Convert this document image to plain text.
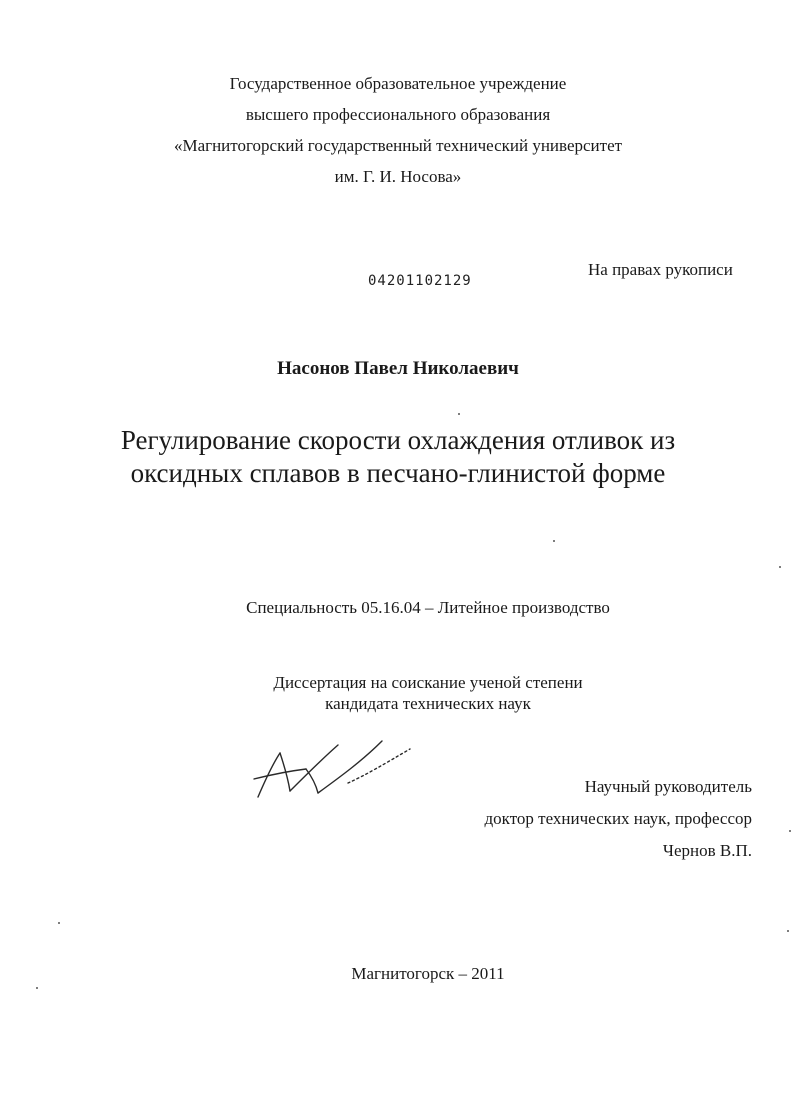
Государственное образовательное учреждение
высшего профессионального образования
«Магнитогорский государственный технический университет
им. Г. И. Носова»
04201102129
На правах рукописи
Насонов Павел Николаевич
Регулирование скорости охлаждения отливок из
оксидных сплавов в песчано-глинистой форме
Специальность 05.16.04 – Литейное производство
Диссертация на соискание ученой степени
кандидата технических наук
Научный руководитель
доктор технических наук, профессор
Чернов В.П.
Магнитогорск – 2011
